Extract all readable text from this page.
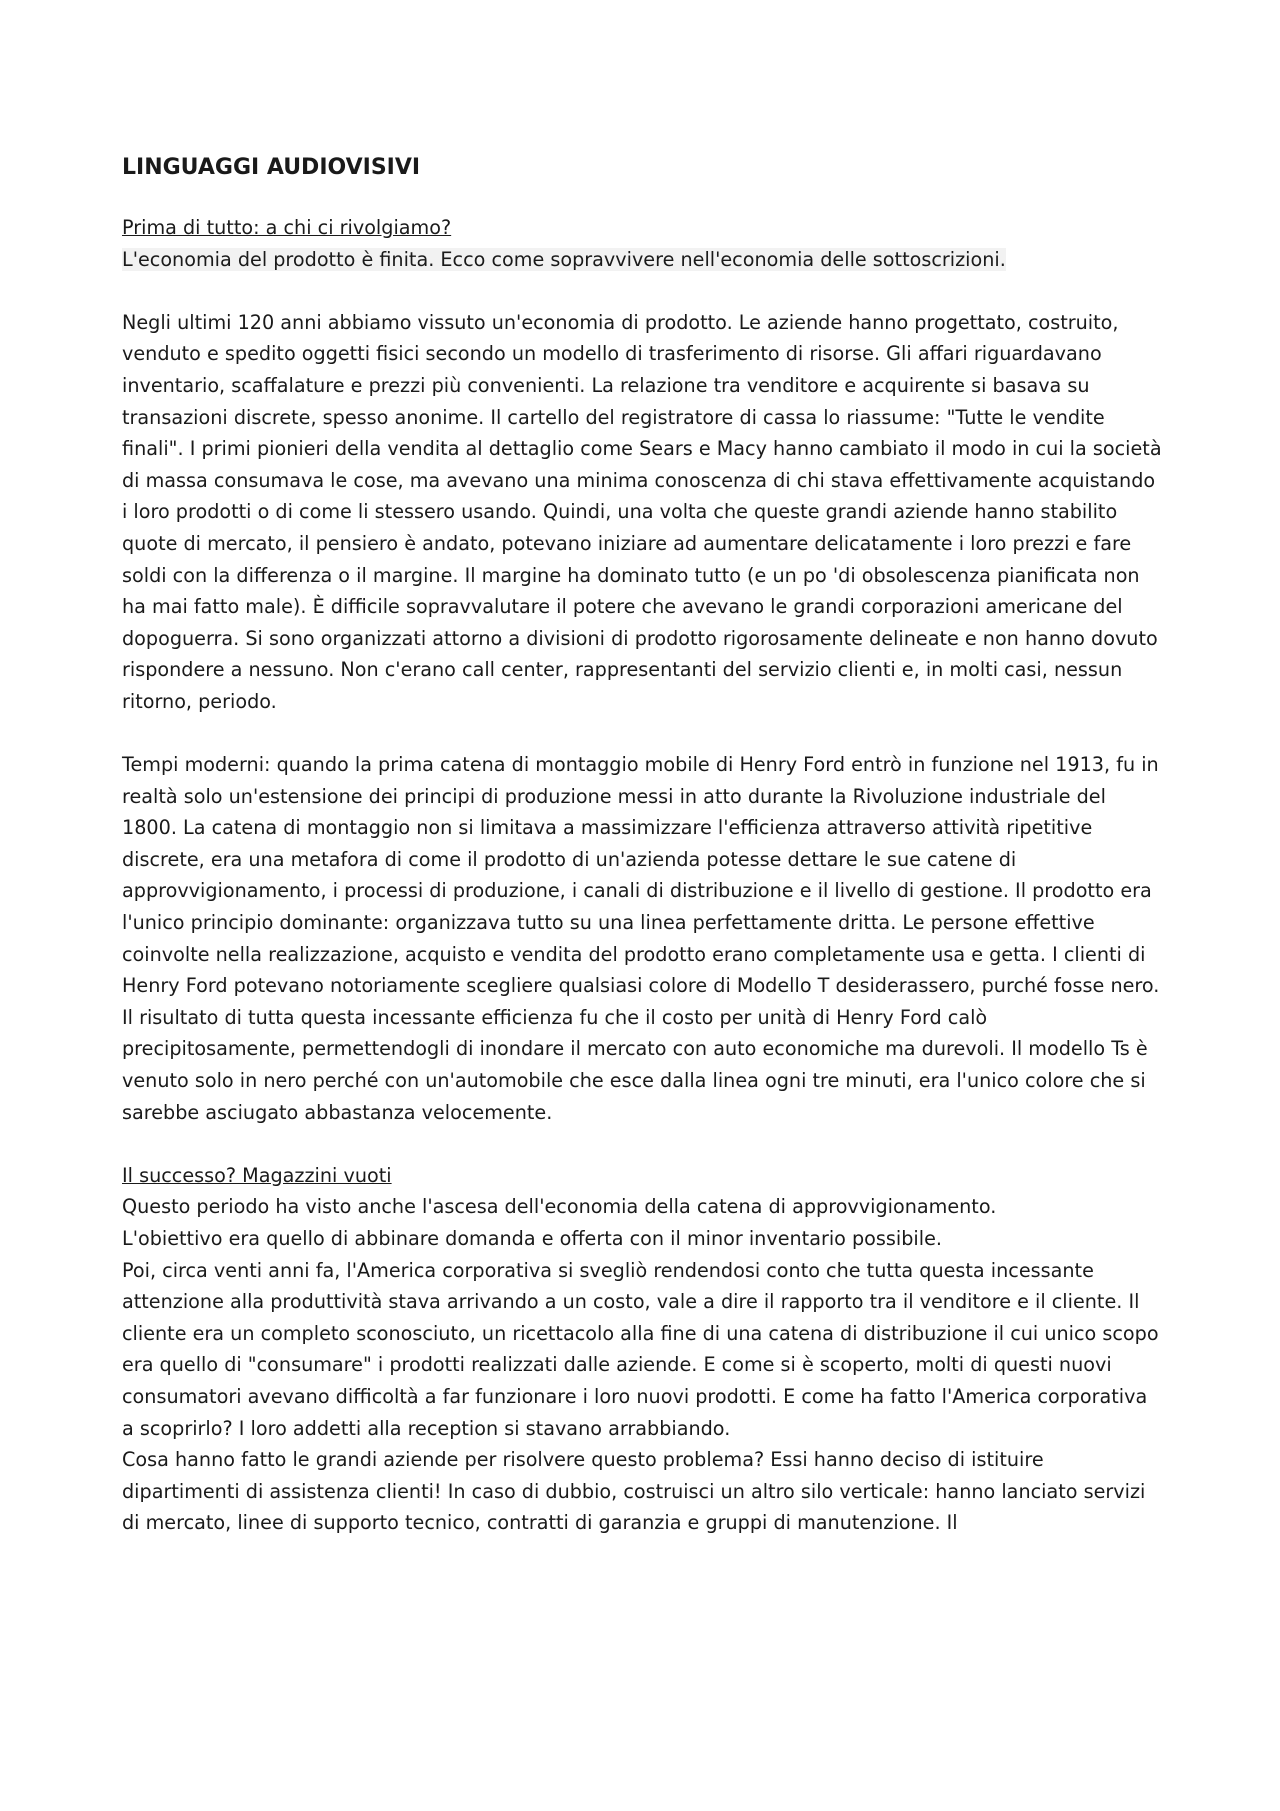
LINGUAGGI AUDIOVISIVI

Prima di tutto: a chi ci rivolgiamo?

L'economia del prodotto è finita. Ecco come sopravvivere nell'economia delle sottoscrizioni.

Negli ultimi 120 anni abbiamo vissuto un'economia di prodotto. Le aziende hanno progettato, costruito, venduto e spedito oggetti fisici secondo un modello di trasferimento di risorse. Gli affari riguardavano inventario, scaffalature e prezzi più convenienti. La relazione tra venditore e acquirente si basava su transazioni discrete, spesso anonime. Il cartello del registratore di cassa lo riassume: "Tutte le vendite finali". I primi pionieri della vendita al dettaglio come Sears e Macy hanno cambiato il modo in cui la società di massa consumava le cose, ma avevano una minima conoscenza di chi stava effettivamente acquistando i loro prodotti o di come li stessero usando. Quindi, una volta che queste grandi aziende hanno stabilito quote di mercato, il pensiero è andato, potevano iniziare ad aumentare delicatamente i loro prezzi e fare soldi con la differenza o il margine. Il margine ha dominato tutto (e un po 'di obsolescenza pianificata non ha mai fatto male). È difficile sopravvalutare il potere che avevano le grandi corporazioni americane del dopoguerra. Si sono organizzati attorno a divisioni di prodotto rigorosamente delineate e non hanno dovuto rispondere a nessuno. Non c'erano call center, rappresentanti del servizio clienti e, in molti casi, nessun ritorno, periodo.

Tempi moderni: quando la prima catena di montaggio mobile di Henry Ford entrò in funzione nel 1913, fu in realtà solo un'estensione dei principi di produzione messi in atto durante la Rivoluzione industriale del 1800. La catena di montaggio non si limitava a massimizzare l'efficienza attraverso attività ripetitive discrete, era una metafora di come il prodotto di un'azienda potesse dettare le sue catene di approvvigionamento, i processi di produzione, i canali di distribuzione e il livello di gestione. Il prodotto era l'unico principio dominante: organizzava tutto su una linea perfettamente dritta. Le persone effettive coinvolte nella realizzazione, acquisto e vendita del prodotto erano completamente usa e getta. I clienti di Henry Ford potevano notoriamente scegliere qualsiasi colore di Modello T desiderassero, purché fosse nero. Il risultato di tutta questa incessante efficienza fu che il costo per unità di Henry Ford calò precipitosamente, permettendogli di inondare il mercato con auto economiche ma durevoli. Il modello Ts è venuto solo in nero perché con un'automobile che esce dalla linea ogni tre minuti, era l'unico colore che si sarebbe asciugato abbastanza velocemente.

Il successo? Magazzini vuoti

Questo periodo ha visto anche l'ascesa dell'economia della catena di approvvigionamento.

L'obiettivo era quello di abbinare domanda e offerta con il minor inventario possibile.

Poi, circa venti anni fa, l'America corporativa si svegliò rendendosi conto che tutta questa incessante attenzione alla produttività stava arrivando a un costo, vale a dire il rapporto tra il venditore e il cliente. Il cliente era un completo sconosciuto, un ricettacolo alla fine di una catena di distribuzione il cui unico scopo era quello di "consumare" i prodotti realizzati dalle aziende. E come si è scoperto, molti di questi nuovi consumatori avevano difficoltà a far funzionare i loro nuovi prodotti. E come ha fatto l'America corporativa a scoprirlo? I loro addetti alla reception si stavano arrabbiando.

Cosa hanno fatto le grandi aziende per risolvere questo problema? Essi hanno deciso di istituire dipartimenti di assistenza clienti! In caso di dubbio, costruisci un altro silo verticale: hanno lanciato servizi di mercato, linee di supporto tecnico, contratti di garanzia e gruppi di manutenzione. Il
